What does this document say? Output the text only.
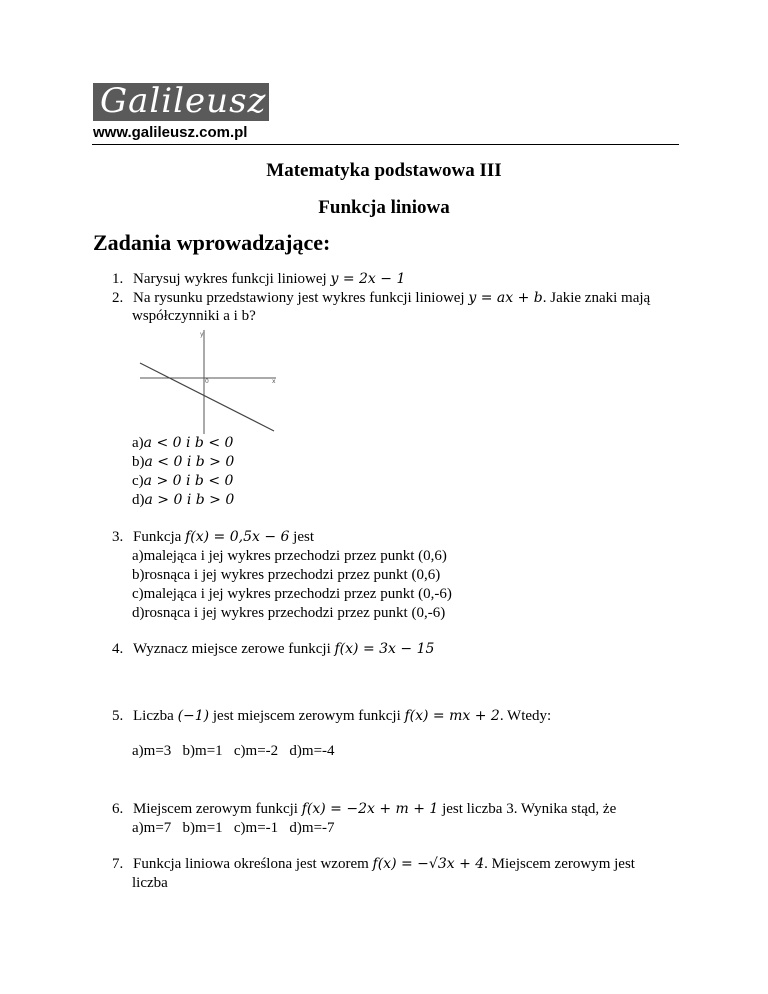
Galileusz
www.galileusz.com.pl
Matematyka podstawowa III
Funkcja liniowa
Zadania wprowadzające:
1. Narysuj wykres funkcji liniowej y = 2x − 1
2. Na rysunku przedstawiony jest wykres funkcji liniowej y = ax + b. Jakie znaki mają
współczynniki a i b?
y
x
0
a)a < 0 i b < 0
b)a < 0 i b > 0
c)a > 0 i b < 0
d)a > 0 i b > 0
3. Funkcja f(x) = 0,5x − 6 jest
a)malejąca i jej wykres przechodzi przez punkt (0,6)
b)rosnąca i jej wykres przechodzi przez punkt (0,6)
c)malejąca i jej wykres przechodzi przez punkt (0,-6)
d)rosnąca i jej wykres przechodzi przez punkt (0,-6)
4. Wyznacz miejsce zerowe funkcji f(x) = 3x − 15
5. Liczba (−1) jest miejscem zerowym funkcji f(x) = mx + 2. Wtedy:
a)m=3   b)m=1   c)m=-2   d)m=-4
6. Miejscem zerowym funkcji f(x) = −2x + m + 1 jest liczba 3. Wynika stąd, że
a)m=7   b)m=1   c)m=-1   d)m=-7
7. Funkcja liniowa określona jest wzorem f(x) = −√3x + 4. Miejscem zerowym jest
liczba
